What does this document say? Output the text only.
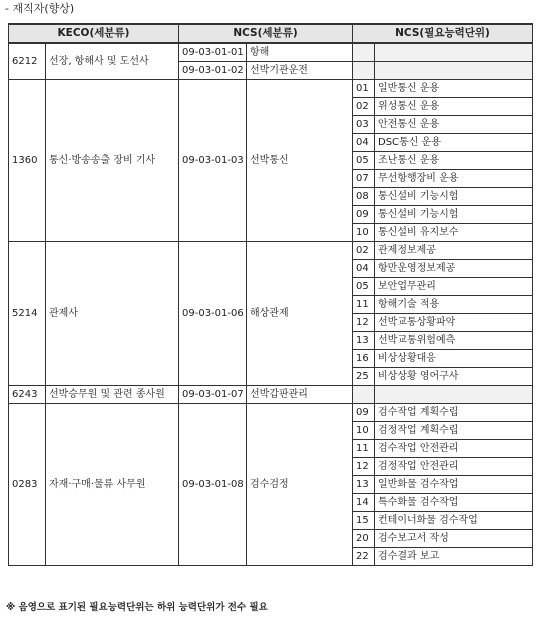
- 재직자(향상)
KECO(세분류)		NCS(세분류)		NCS(필요능력단위)	
6212	선장, 항해사 및 도선사	09-03-01-01	항해		
		09-03-01-02	선박기관운전		
1360	통신·방송송출 장비 기사	09-03-01-03	선박통신	01	일반통신 운용
				02	위성통신 운용
				03	안전통신 운용
				04	DSC통신 운용
				05	조난통신 운용
				07	무선항행장비 운용
				08	통신설비 기능시험
				09	통신설비 기능시험
				10	통신설비 유지보수
5214	관제사	09-03-01-06	해상관제	02	관제정보제공
				04	항만운영정보제공
				05	보안업무관리
				11	항해기술 적용
				12	선박교통상황파악
				13	선박교통위험예측
				16	비상상황대응
				25	비상상황 영어구사
6243	선박승무원 및 관련 종사원	09-03-01-07	선박갑판관리		
0283	자재·구매·물류 사무원	09-03-01-08	검수검정	09	검수작업 계획수립
				10	검정작업 계획수립
				11	검수작업 안전관리
				12	검정작업 안전관리
				13	일반화물 검수작업
				14	특수화물 검수작업
				15	컨테이너화물 검수작업
				20	검수보고서 작성
				22	검수결과 보고
※ 음영으로 표기된 필요능력단위는 하위 능력단위가 전수 필요
